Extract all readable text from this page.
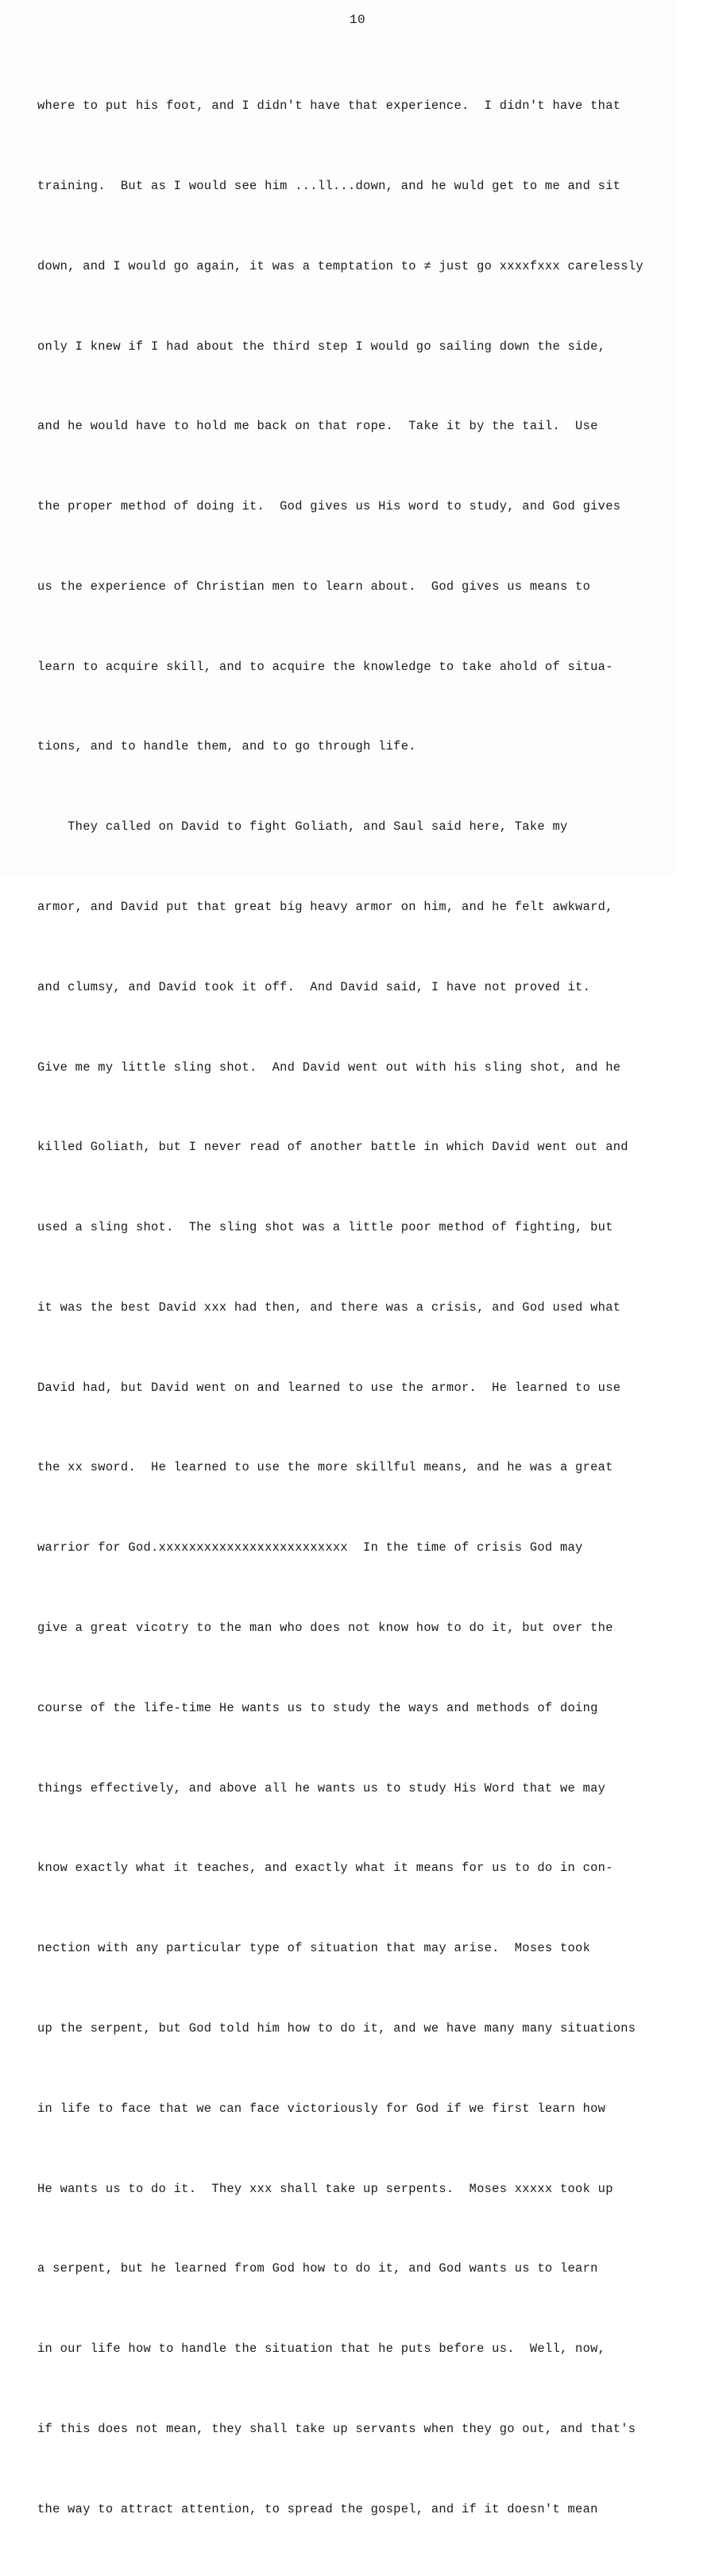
10

where to put his foot, and I didn't have that experience.  I didn't have that

training.  But as I would see him ...ll...down, and he wuld get to me and sit

down, and I would go again, it was a temptation to ≠ just go xxxxfxxx carelessly

only I knew if I had about the third step I would go sailing down the side,

and he would have to hold me back on that rope.  Take it by the tail.  Use

the proper method of doing it.  God gives us His word to study, and God gives

us the experience of Christian men to learn about.  God gives us means to

learn to acquire skill, and to acquire the knowledge to take ahold of situa-

tions, and to handle them, and to go through life.

They called on David to fight Goliath, and Saul said here, Take my

armor, and David put that great big heavy armor on him, and he felt awkward,

and clumsy, and David took it off.  And David said, I have not proved it.

Give me my little sling shot.  And David went out with his sling shot, and he

killed Goliath, but I never read of another battle in which David went out and

used a sling shot.  The sling shot was a little poor method of fighting, but

it was the best David xxx had then, and there was a crisis, and God used what

David had, but David went on and learned to use the armor.  He learned to use

the xx sword.  He learned to use the more skillful means, and he was a great

warrior for God.xxxxxxxxxxxxxxxxxxxxxxxxx  In the time of crisis God may

give a great vicotry to the man who does not know how to do it, but over the

course of the life-time He wants us to study the ways and methods of doing

things effectively, and above all he wants us to study His Word that we may

know exactly what it teaches, and exactly what it means for us to do in con-

nection with any particular type of situation that may arise.  Moses took

up the serpent, but God told him how to do it, and we have many many situations

in life to face that we can face victoriously for God if we first learn how

He wants us to do it.  They xxx shall take up serpents.  Moses xxxxx took up

a serpent, but he learned from God how to do it, and God wants us to learn

in our life how to handle the situation that he puts before us.  Well, now,

if this does not mean, they shall take up servants when they go out, and that's

the way to attract attention, to spread the gospel, and if it doesn't mean
